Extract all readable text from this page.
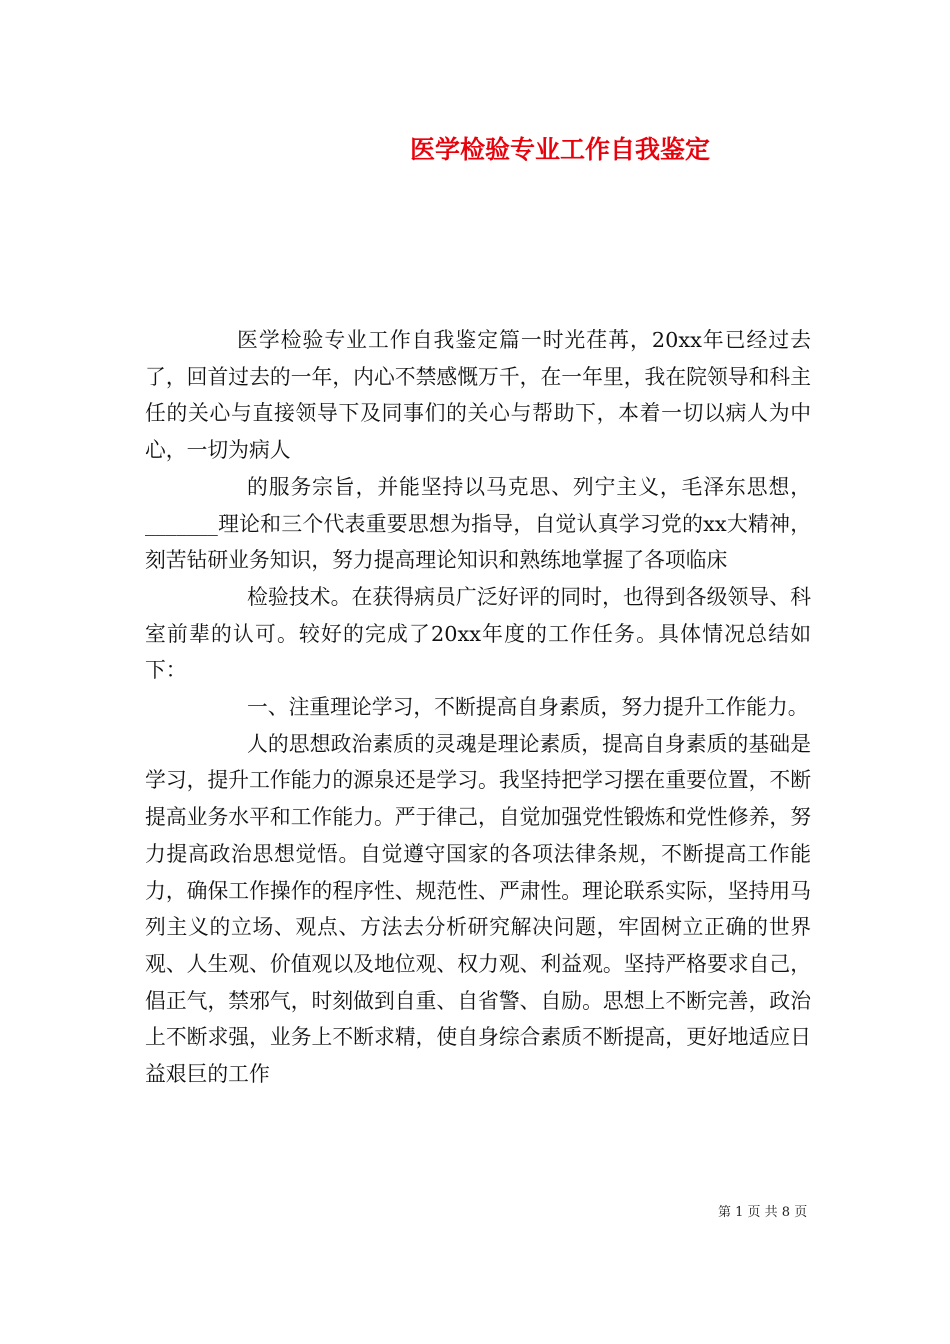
医学检验专业工作自我鉴定

医学检验专业工作自我鉴定篇一时光荏苒，20xx年已经过去了，回首过去的一年，内心不禁感慨万千，在一年里，我在院领导和科主任的关心与直接领导下及同事们的关心与帮助下，本着一切以病人为中心，一切为病人

的服务宗旨，并能坚持以马克思、列宁主义，毛泽东思想，_______理论和三个代表重要思想为指导，自觉认真学习党的xx大精神，刻苦钻研业务知识，努力提高理论知识和熟练地掌握了各项临床

检验技术。在获得病员广泛好评的同时，也得到各级领导、科室前辈的认可。较好的完成了20xx年度的工作任务。具体情况总结如下：

一、注重理论学习，不断提高自身素质，努力提升工作能力。

人的思想政治素质的灵魂是理论素质，提高自身素质的基础是学习，提升工作能力的源泉还是学习。我坚持把学习摆在重要位置，不断提高业务水平和工作能力。严于律己，自觉加强党性锻炼和党性修养，努力提高政治思想觉悟。自觉遵守国家的各项法律条规，不断提高工作能力，确保工作操作的程序性、规范性、严肃性。理论联系实际，坚持用马列主义的立场、观点、方法去分析研究解决问题，牢固树立正确的世界观、人生观、价值观以及地位观、权力观、利益观。坚持严格要求自己，倡正气，禁邪气，时刻做到自重、自省警、自励。思想上不断完善，政治上不断求强，业务上不断求精，使自身综合素质不断提高，更好地适应日益艰巨的工作

第 1 页 共 8 页
